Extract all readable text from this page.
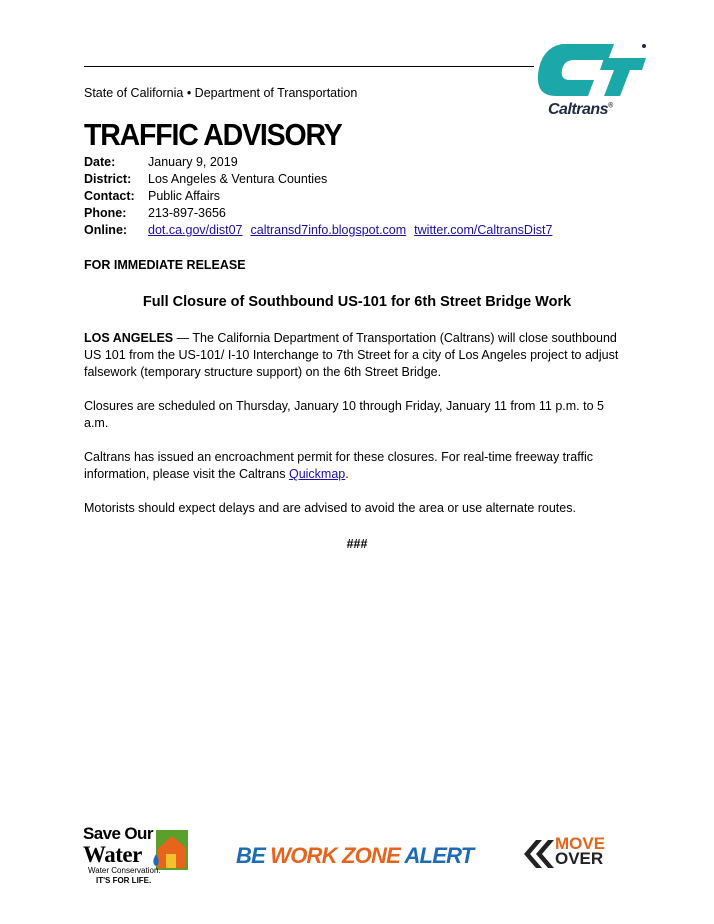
Caltrans®
State of California • Department of Transportation
TRAFFIC ADVISORY
Date:	January 9, 2019
District: Los Angeles & Ventura Counties
Contact: Public Affairs
Phone: 213-897-3656
Online: dot.ca.gov/dist07 caltransd7info.blogspot.com twitter.com/CaltransDist7
FOR IMMEDIATE RELEASE
Full Closure of Southbound US-101 for 6th Street Bridge Work

LOS ANGELES — The California Department of Transportation (Caltrans) will close southbound US 101 from the US-101/ I-10 Interchange to 7th Street for a city of Los Angeles project to adjust falsework (temporary structure support) on the 6th Street Bridge.

Closures are scheduled on Thursday, January 10 through Friday, January 11 from 11 p.m. to 5 a.m.

Caltrans has issued an encroachment permit for these closures. For real-time freeway traffic information, please visit the Caltrans Quickmap.

Motorists should expect delays and are advised to avoid the area or use alternate routes.

###
Save Our
Water
Water Conservation.
IT'S FOR LIFE.
BE WORK ZONE ALERT	MOVE
OVER
